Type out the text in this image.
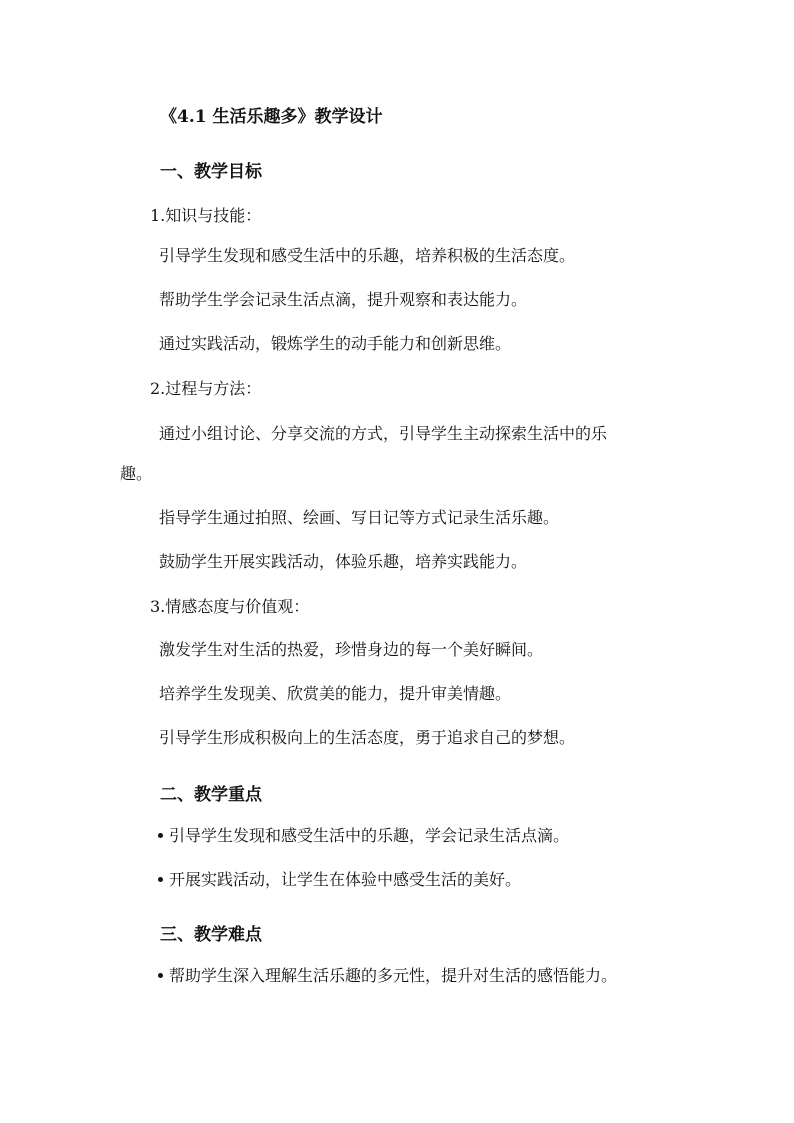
《4.1 生活乐趣多》教学设计
一、教学目标
1.知识与技能：
引导学生发现和感受生活中的乐趣，培养积极的生活态度。
帮助学生学会记录生活点滴，提升观察和表达能力。
通过实践活动，锻炼学生的动手能力和创新思维。
2.过程与方法：
通过小组讨论、分享交流的方式，引导学生主动探索生活中的乐
趣。
指导学生通过拍照、绘画、写日记等方式记录生活乐趣。
鼓励学生开展实践活动，体验乐趣，培养实践能力。
3.情感态度与价值观：
激发学生对生活的热爱，珍惜身边的每一个美好瞬间。
培养学生发现美、欣赏美的能力，提升审美情趣。
引导学生形成积极向上的生活态度，勇于追求自己的梦想。
二、教学重点
引导学生发现和感受生活中的乐趣，学会记录生活点滴。
开展实践活动，让学生在体验中感受生活的美好。
三、教学难点
帮助学生深入理解生活乐趣的多元性，提升对生活的感悟能力。
